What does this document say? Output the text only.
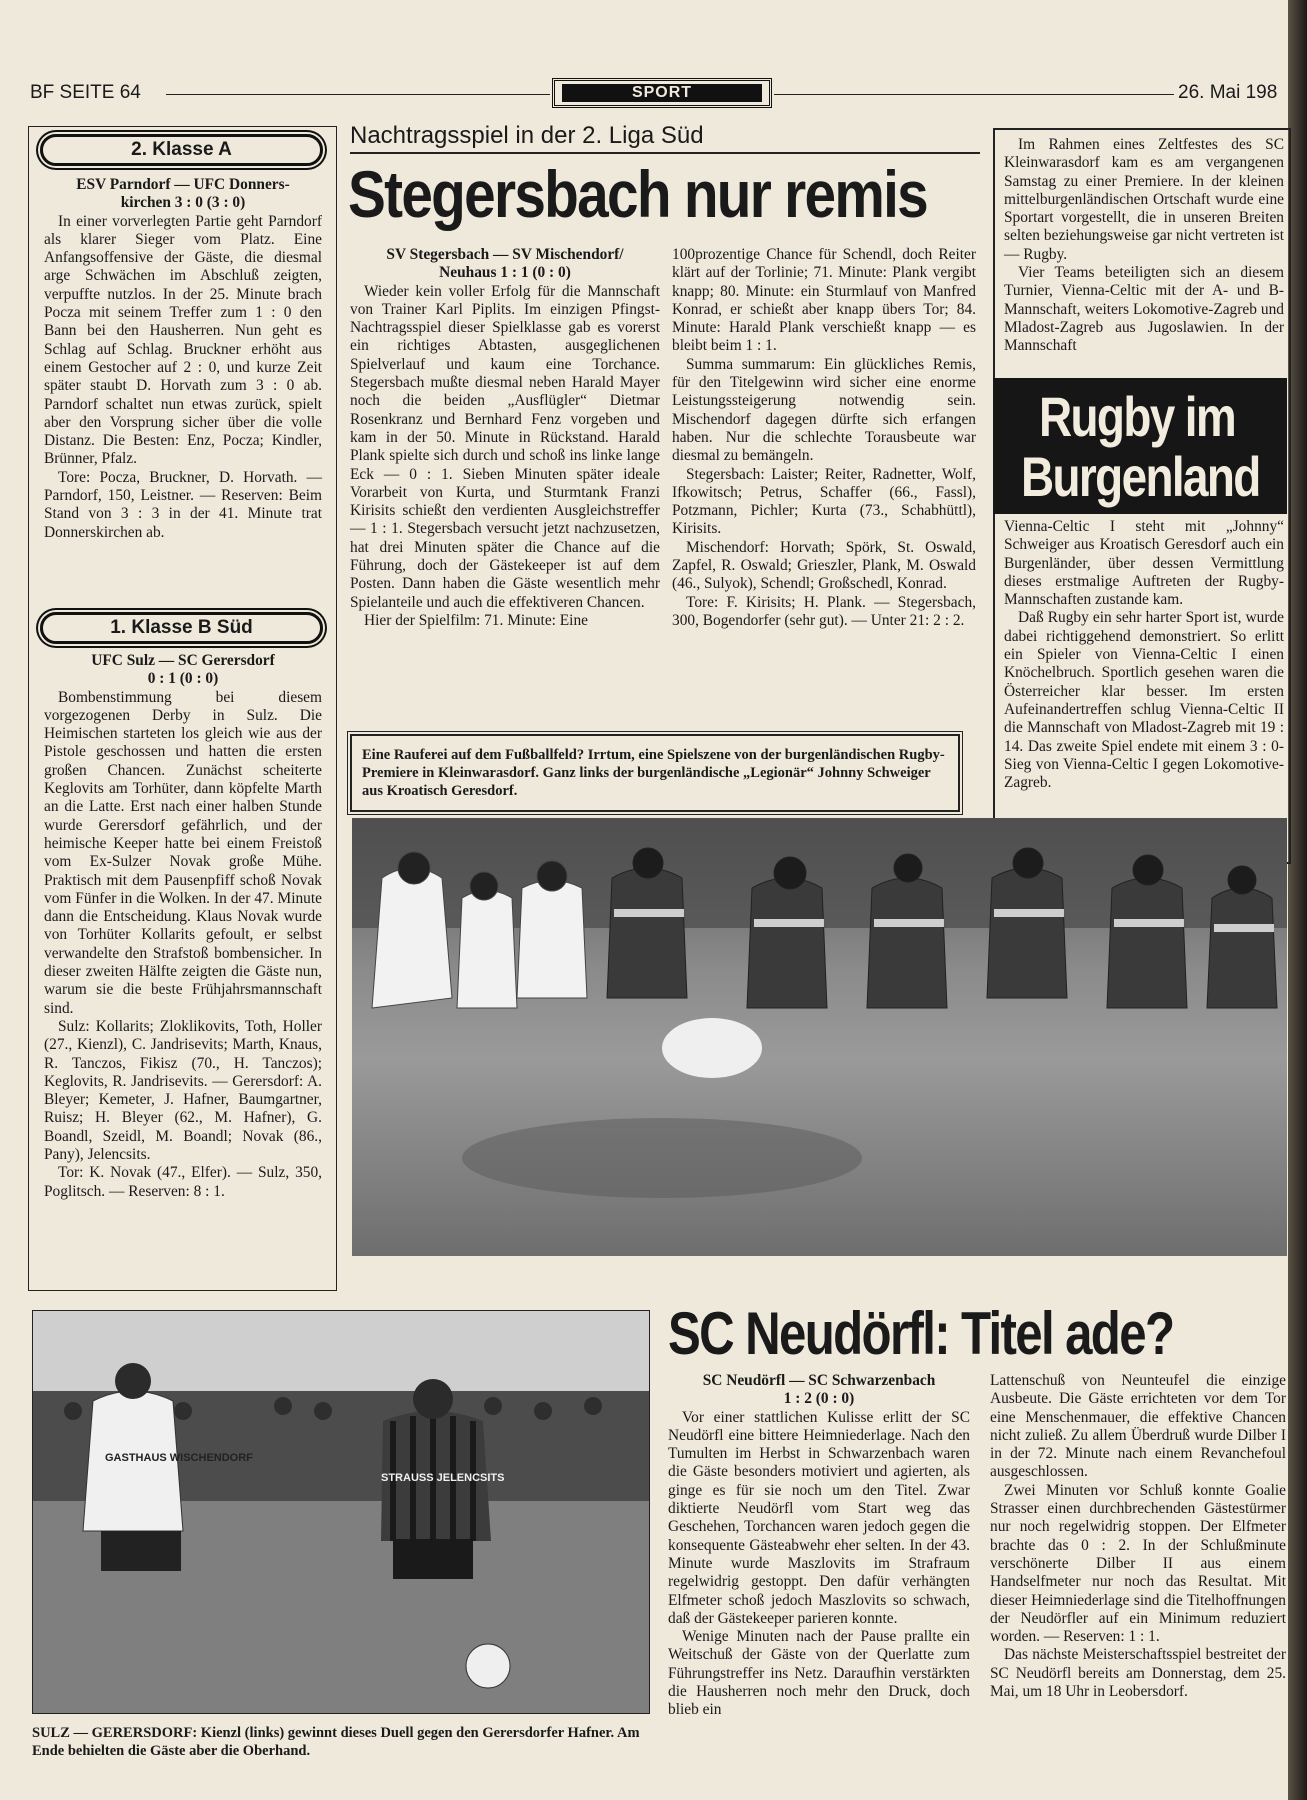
BF SEITE 64	SPORT	26. Mai 198
2. Klasse A
ESV Parndorf — UFC Donners-kirchen 3 : 0 (3 : 0)

In einer vorverlegten Partie geht Parndorf als klarer Sieger vom Platz. Eine Anfangsoffensive der Gäste, die diesmal arge Schwächen im Abschluß zeigten, verpuffte nutzlos. In der 25. Minute brach Pocza mit seinem Treffer zum 1 : 0 den Bann bei den Hausherren. Nun geht es Schlag auf Schlag. Bruckner erhöht aus einem Gestocher auf 2 : 0, und kurze Zeit später staubt D. Horvath zum 3 : 0 ab. Parndorf schaltet nun etwas zurück, spielt aber den Vorsprung sicher über die volle Distanz. Die Besten: Enz, Pocza; Kindler, Brünner, Pfalz.

Tore: Pocza, Bruckner, D. Horvath. — Parndorf, 150, Leistner. — Reserven: Beim Stand von 3 : 3 in der 41. Minute trat Donnerskirchen ab.

1. Klasse B Süd
UFC Sulz — SC Gerersdorf
0 : 1 (0 : 0)

Bombenstimmung bei diesem vorgezogenen Derby in Sulz. Die Heimischen starteten los gleich wie aus der Pistole geschossen und hatten die ersten großen Chancen. Zunächst scheiterte Keglovits am Torhüter, dann köpfelte Marth an die Latte. Erst nach einer halben Stunde wurde Gerersdorf gefährlich, und der heimische Keeper hatte bei einem Freistoß vom Ex-Sulzer Novak große Mühe. Praktisch mit dem Pausenpfiff schoß Novak vom Fünfer in die Wolken. In der 47. Minute dann die Entscheidung. Klaus Novak wurde von Torhüter Kollarits gefoult, er selbst verwandelte den Strafstoß bombensicher. In dieser zweiten Hälfte zeigten die Gäste nun, warum sie die beste Frühjahrsmannschaft sind.

Sulz: Kollarits; Zloklikovits, Toth, Holler (27., Kienzl), C. Jandrisevits; Marth, Knaus, R. Tanczos, Fikisz (70., H. Tanczos); Keglovits, R. Jandrisevits. — Gerersdorf: A. Bleyer; Kemeter, J. Hafner, Baumgartner, Ruisz; H. Bleyer (62., M. Hafner), G. Boandl, Szeidl, M. Boandl; Novak (86., Pany), Jelencsits.

Tor: K. Novak (47., Elfer). — Sulz, 350, Poglitsch. — Reserven: 8 : 1.

Nachtragsspiel in der 2. Liga Süd
Stegersbach nur remis
SV Stegersbach — SV Mischendorf/ Neuhaus 1 : 1 (0 : 0)

Wieder kein voller Erfolg für die Mannschaft von Trainer Karl Piplits. Im einzigen Pfingst-Nachtragsspiel dieser Spielklasse gab es vorerst ein richtiges Abtasten, ausgeglichenen Spielverlauf und kaum eine Torchance. Stegersbach mußte diesmal neben Harald Mayer noch die beiden „Ausflügler“ Dietmar Rosenkranz und Bernhard Fenz vorgeben und kam in der 50. Minute in Rückstand. Harald Plank spielte sich durch und schoß ins linke lange Eck — 0 : 1. Sieben Minuten später ideale Vorarbeit von Kurta, und Sturmtank Franzi Kirisits schießt den verdienten Ausgleichstreffer — 1 : 1. Stegersbach versucht jetzt nachzusetzen, hat drei Minuten später die Chance auf die Führung, doch der Gästekeeper ist auf dem Posten. Dann haben die Gäste wesentlich mehr Spielanteile und auch die effektiveren Chancen.

Hier der Spielfilm: 71. Minute: Eine

100prozentige Chance für Schendl, doch Reiter klärt auf der Torlinie; 71. Minute: Plank vergibt knapp; 80. Minute: ein Sturmlauf von Manfred Konrad, er schießt aber knapp übers Tor; 84. Minute: Harald Plank verschießt knapp — es bleibt beim 1 : 1.

Summa summarum: Ein glückliches Remis, für den Titelgewinn wird sicher eine enorme Leistungssteigerung notwendig sein. Mischendorf dagegen dürfte sich erfangen haben. Nur die schlechte Torausbeute war diesmal zu bemängeln.

Stegersbach: Laister; Reiter, Radnetter, Wolf, Ifkowitsch; Petrus, Schaffer (66., Fassl), Potzmann, Pichler; Kurta (73., Schabhüttl), Kirisits.

Mischendorf: Horvath; Spörk, St. Oswald, Zapfel, R. Oswald; Grieszler, Plank, M. Oswald (46., Sulyok), Schendl; Großschedl, Konrad.

Tore: F. Kirisits; H. Plank. — Stegersbach, 300, Bogendorfer (sehr gut). — Unter 21: 2 : 2.

Eine Rauferei auf dem Fußballfeld? Irrtum, eine Spielszene von der burgenländischen Rugby-Premiere in Kleinwarasdorf. Ganz links der burgenländische „Legionär“ Johnny Schweiger aus Kroatisch Geresdorf.

Im Rahmen eines Zeltfestes des SC Kleinwarasdorf kam es am vergangenen Samstag zu einer Premiere. In der kleinen mittelburgenländischen Ortschaft wurde eine Sportart vorgestellt, die in unseren Breiten selten beziehungsweise gar nicht vertreten ist — Rugby.

Vier Teams beteiligten sich an diesem Turnier, Vienna-Celtic mit der A- und B-Mannschaft, weiters Lokomotive-Zagreb und Mladost-Zagreb aus Jugoslawien. In der Mannschaft

Rugby im
Burgenland

Vienna-Celtic I steht mit „Johnny“ Schweiger aus Kroatisch Geresdorf auch ein Burgenländer, über dessen Vermittlung dieses erstmalige Auftreten der Rugby-Mannschaften zustande kam.

Daß Rugby ein sehr harter Sport ist, wurde dabei richtiggehend demonstriert. So erlitt ein Spieler von Vienna-Celtic I einen Knöchelbruch. Sportlich gesehen waren die Österreicher klar besser. Im ersten Aufeinandertreffen schlug Vienna-Celtic II die Mannschaft von Mladost-Zagreb mit 19 : 14. Das zweite Spiel endete mit einem 3 : 0-Sieg von Vienna-Celtic I gegen Lokomotive-Zagreb.

GASTHAUS WISCHENDORF
STRAUSS JELENCSITS
SULZ — GERERSDORF: Kienzl (links) gewinnt dieses Duell gegen den Gerersdorfer Hafner. Am Ende behielten die Gäste aber die Oberhand.
SC Neudörfl: Titel ade?
SC Neudörfl — SC Schwarzenbach
1 : 2 (0 : 0)

Vor einer stattlichen Kulisse erlitt der SC Neudörfl eine bittere Heimniederlage. Nach den Tumulten im Herbst in Schwarzenbach waren die Gäste besonders motiviert und agierten, als ginge es für sie noch um den Titel. Zwar diktierte Neudörfl vom Start weg das Geschehen, Torchancen waren jedoch gegen die konsequente Gästeabwehr eher selten. In der 43. Minute wurde Maszlovits im Strafraum regelwidrig gestoppt. Den dafür verhängten Elfmeter schoß jedoch Maszlovits so schwach, daß der Gästekeeper parieren konnte.

Wenige Minuten nach der Pause prallte ein Weitschuß der Gäste von der Querlatte zum Führungstreffer ins Netz. Daraufhin verstärkten die Hausherren noch mehr den Druck, doch blieb ein

Lattenschuß von Neunteufel die einzige Ausbeute. Die Gäste errichteten vor dem Tor eine Menschenmauer, die effektive Chancen nicht zuließ. Zu allem Überdruß wurde Dilber I in der 72. Minute nach einem Revanchefoul ausgeschlossen.

Zwei Minuten vor Schluß konnte Goalie Strasser einen durchbrechenden Gästestürmer nur noch regelwidrig stoppen. Der Elfmeter brachte das 0 : 2. In der Schlußminute verschönerte Dilber II aus einem Handselfmeter nur noch das Resultat. Mit dieser Heimniederlage sind die Titelhoffnungen der Neudörfler auf ein Minimum reduziert worden. — Reserven: 1 : 1.

Das nächste Meisterschaftsspiel bestreitet der SC Neudörfl bereits am Donnerstag, dem 25. Mai, um 18 Uhr in Leobersdorf.
